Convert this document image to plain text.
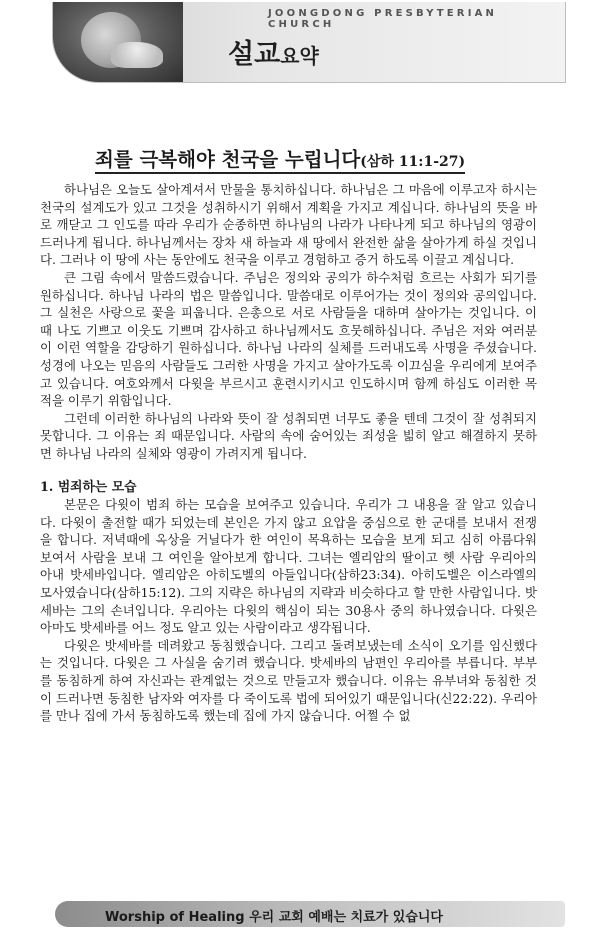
JOONGDONG PRESBYTERIAN CHURCH
설교요약
죄를 극복해야 천국을 누립니다(삼하 11:1-27)

하나님은 오늘도 살아계셔서 만물을 통치하십니다. 하나님은 그 마음에 이루고자 하시는 천국의 설계도가 있고 그것을 성취하시기 위해서 계획을 가지고 계십니다. 하나님의 뜻을 바로 깨닫고 그 인도를 따라 우리가 순종하면 하나님의 나라가 나타나게 되고 하나님의 영광이 드러나게 됩니다. 하나님께서는 장차 새 하늘과 새 땅에서 완전한 삶을 살아가게 하실 것입니다. 그러나 이 땅에 사는 동안에도 천국을 이루고 경험하고 증거 하도록 이끌고 계십니다.

큰 그림 속에서 말씀드렸습니다. 주님은 정의와 공의가 하수처럼 흐르는 사회가 되기를 원하십니다. 하나님 나라의 법은 말씀입니다. 말씀대로 이루어가는 것이 정의와 공의입니다. 그 실천은 사랑으로 꽃을 피웁니다. 은총으로 서로 사람들을 대하며 살아가는 것입니다. 이 때 나도 기쁘고 이웃도 기쁘며 감사하고 하나님께서도 흐뭇해하십니다. 주님은 저와 여러분이 이런 역할을 감당하기 원하십니다. 하나님 나라의 실체를 드러내도록 사명을 주셨습니다. 성경에 나오는 믿음의 사람들도 그러한 사명을 가지고 살아가도록 이끄심을 우리에게 보여주고 있습니다. 여호와께서 다윗을 부르시고 훈련시키시고 인도하시며 함께 하심도 이러한 목적을 이루기 위함입니다.

그런데 이러한 하나님의 나라와 뜻이 잘 성취되면 너무도 좋을 텐데 그것이 잘 성취되지 못합니다. 그 이유는 죄 때문입니다. 사람의 속에 숨어있는 죄성을 빎히 알고 해결하지 못하면 하나님 나라의 실체와 영광이 가려지게 됩니다.

1. 범죄하는 모습

본문은 다윗이 범죄 하는 모습을 보여주고 있습니다. 우리가 그 내용을 잘 알고 있습니다. 다윗이 출전할 때가 되었는데 본인은 가지 않고 요압을 중심으로 한 군대를 보내서 전쟁을 합니다. 저녁때에 옥상을 거닐다가 한 여인이 목욕하는 모습을 보게 되고 심히 아름다워 보여서 사람을 보내 그 여인을 알아보게 합니다. 그녀는 엘리암의 딸이고 헷 사람 우리아의 아내 밧세바입니다. 엘리암은 아히도벨의 아들입니다(삼하23:34). 아히도벨은 이스라엘의 모사였습니다(삼하15:12). 그의 지략은 하나님의 지략과 비슷하다고 할 만한 사람입니다. 밧세바는 그의 손녀입니다. 우리아는 다윗의 핵심이 되는 30용사 중의 하나였습니다. 다윗은 아마도 밧세바를 어느 정도 알고 있는 사람이라고 생각됩니다.

다윗은 밧세바를 데려왔고 동침했습니다. 그리고 돌려보냈는데 소식이 오기를 임신했다는 것입니다. 다윗은 그 사실을 숨기려 했습니다. 밧세바의 남편인 우리아를 부릅니다. 부부를 동침하게 하여 자신과는 관계없는 것으로 만들고자 했습니다. 이유는 유부녀와 동침한 것이 드러나면 동침한 남자와 여자를 다 죽이도록 법에 되어있기 때문입니다(신22:22). 우리아를 만나 집에 가서 동침하도록 했는데 집에 가지 않습니다. 어쩔 수 없

Worship of Healing 우리 교회 예배는 치료가 있습니다
